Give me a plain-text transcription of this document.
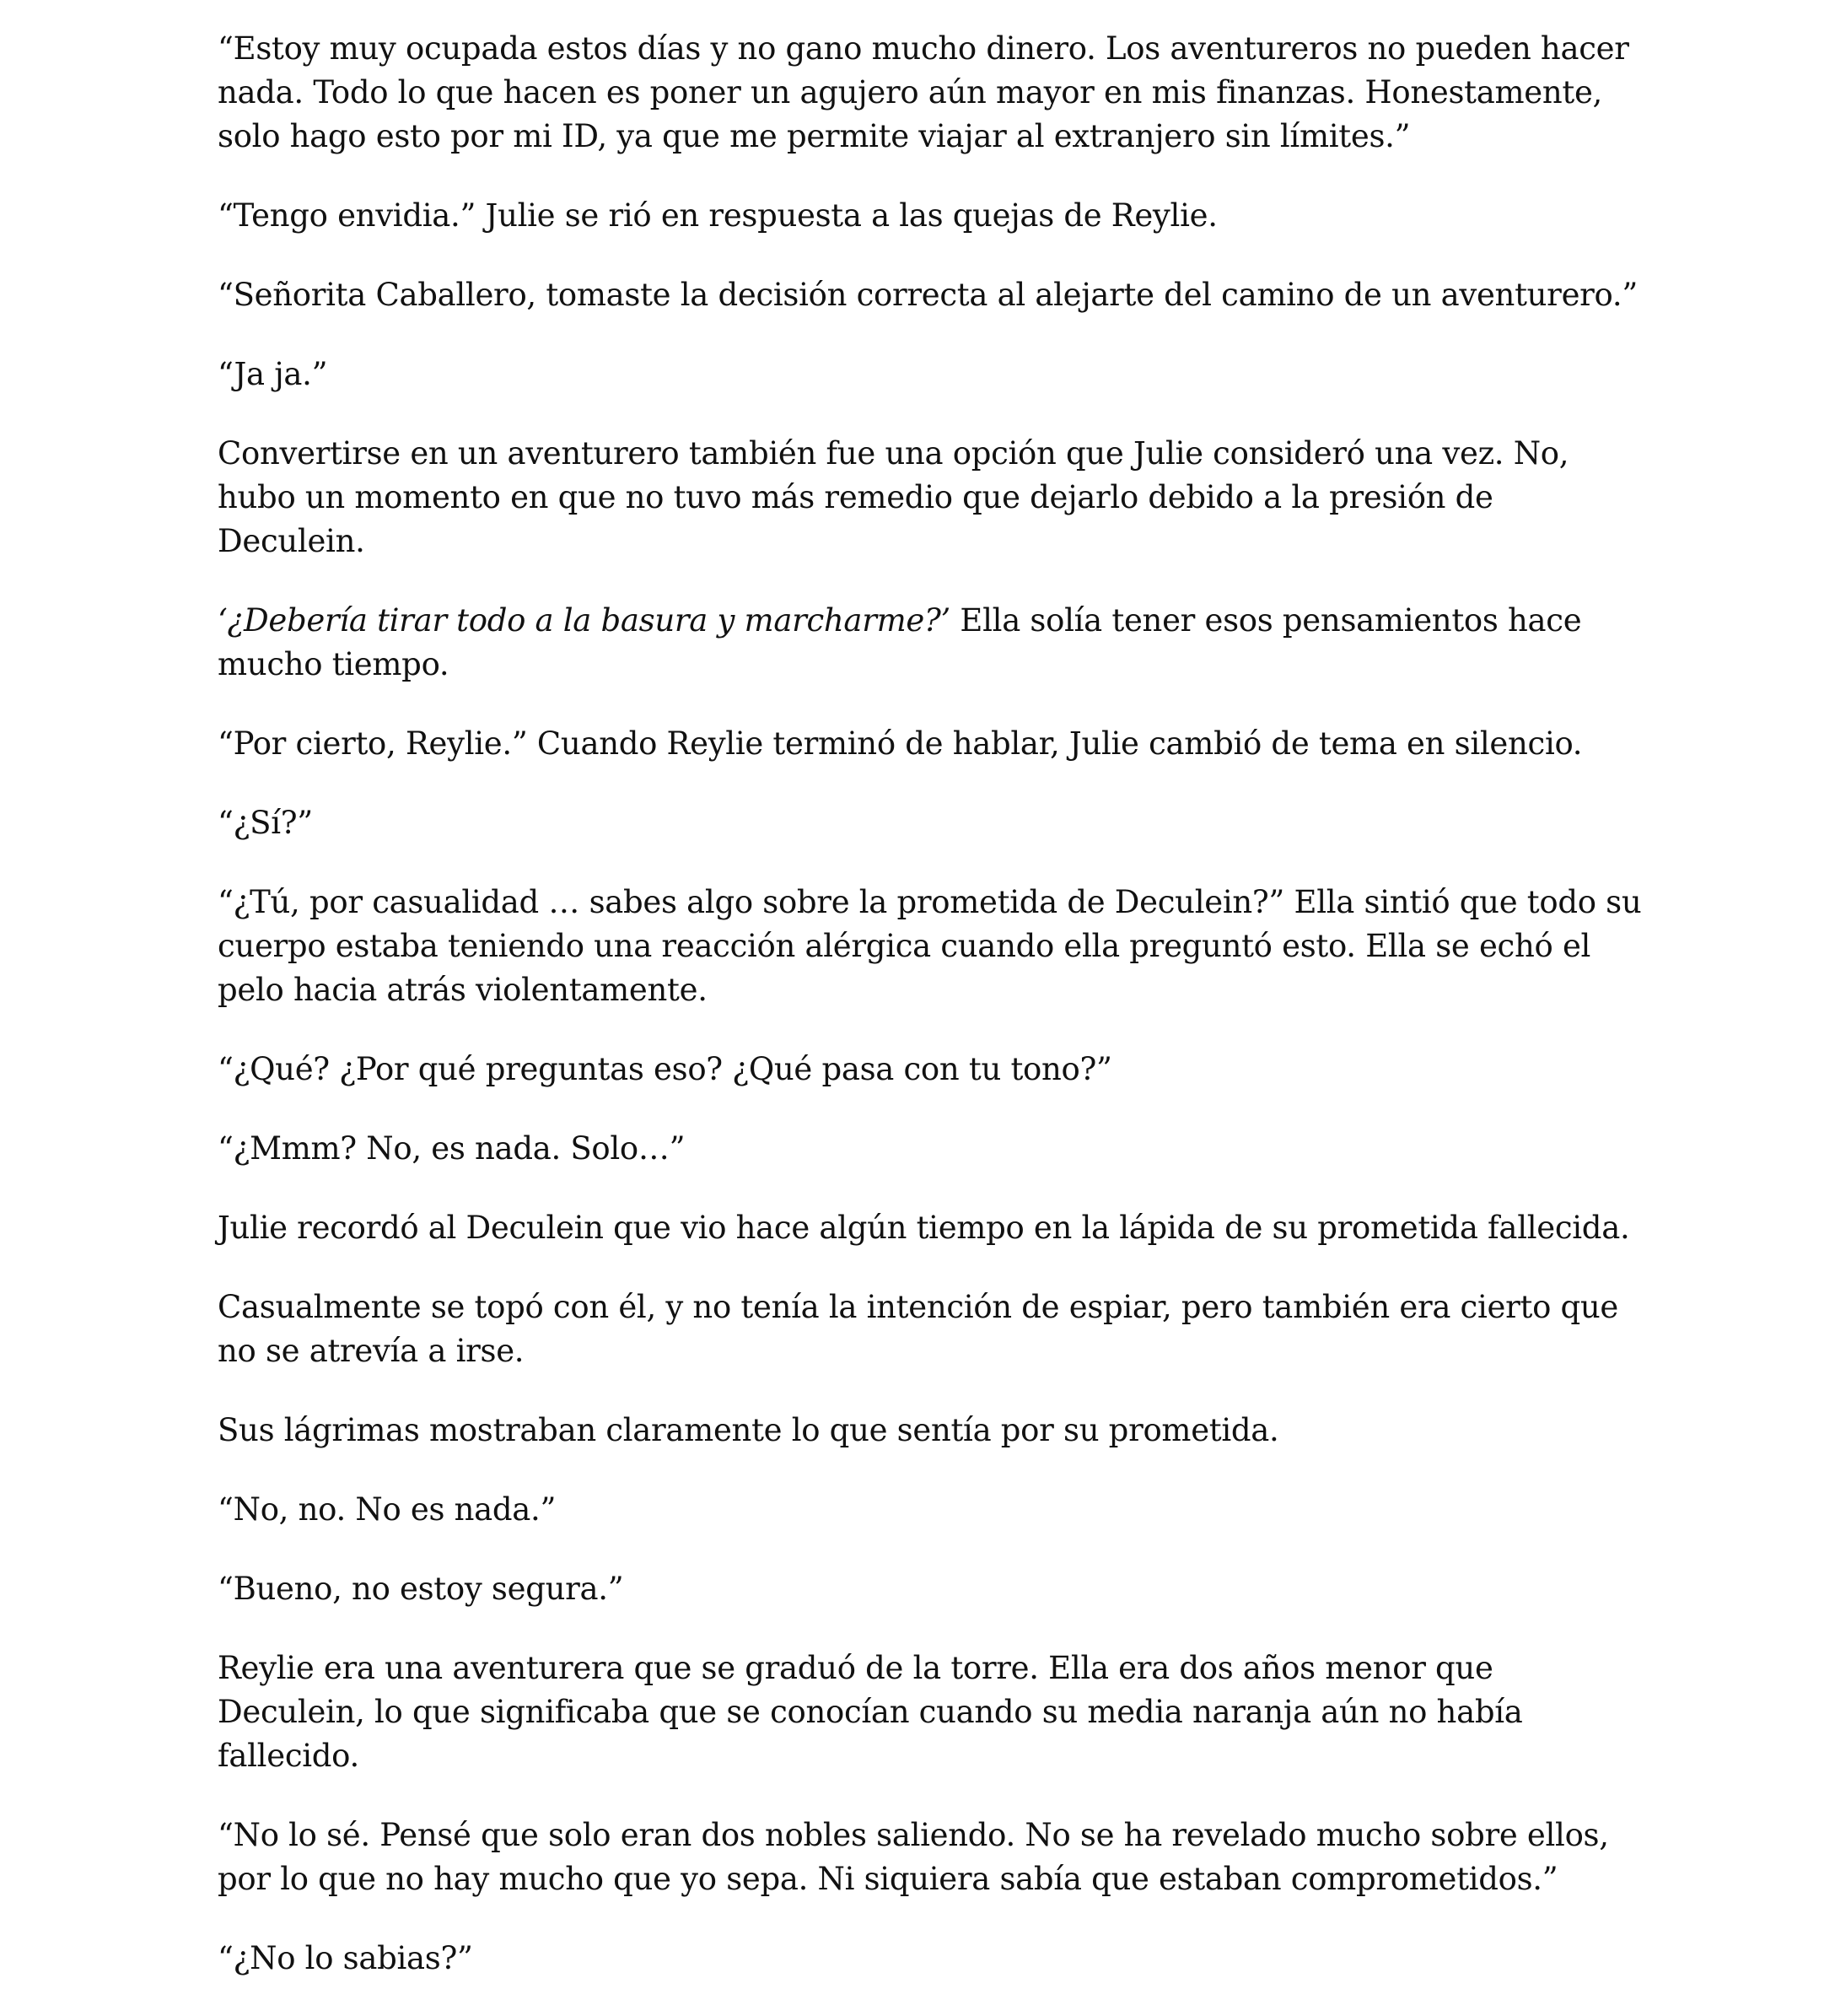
“Estoy muy ocupada estos días y no gano mucho dinero. Los aventureros no pueden hacer nada. Todo lo que hacen es poner un agujero aún mayor en mis finanzas. Honestamente, solo hago esto por mi ID, ya que me permite viajar al extranjero sin límites.”

“Tengo envidia.” Julie se rió en respuesta a las quejas de Reylie.

“Señorita Caballero, tomaste la decisión correcta al alejarte del camino de un aventurero.”

“Ja ja.”

Convertirse en un aventurero también fue una opción que Julie consideró una vez. No, hubo un momento en que no tuvo más remedio que dejarlo debido a la presión de Deculein.

‘¿Debería tirar todo a la basura y marcharme?’ Ella solía tener esos pensamientos hace mucho tiempo.

“Por cierto, Reylie.” Cuando Reylie terminó de hablar, Julie cambió de tema en silencio.

“¿Sí?”

“¿Tú, por casualidad … sabes algo sobre la prometida de Deculein?” Ella sintió que todo su cuerpo estaba teniendo una reacción alérgica cuando ella preguntó esto. Ella se echó el pelo hacia atrás violentamente.

“¿Qué? ¿Por qué preguntas eso? ¿Qué pasa con tu tono?”

“¿Mmm? No, es nada. Solo…”

Julie recordó al Deculein que vio hace algún tiempo en la lápida de su prometida fallecida.

Casualmente se topó con él, y no tenía la intención de espiar, pero también era cierto que no se atrevía a irse.

Sus lágrimas mostraban claramente lo que sentía por su prometida.

“No, no. No es nada.”

“Bueno, no estoy segura.”

Reylie era una aventurera que se graduó de la torre. Ella era dos años menor que Deculein, lo que significaba que se conocían cuando su media naranja aún no había fallecido.

“No lo sé. Pensé que solo eran dos nobles saliendo. No se ha revelado mucho sobre ellos, por lo que no hay mucho que yo sepa. Ni siquiera sabía que estaban comprometidos.”

“¿No lo sabias?”
